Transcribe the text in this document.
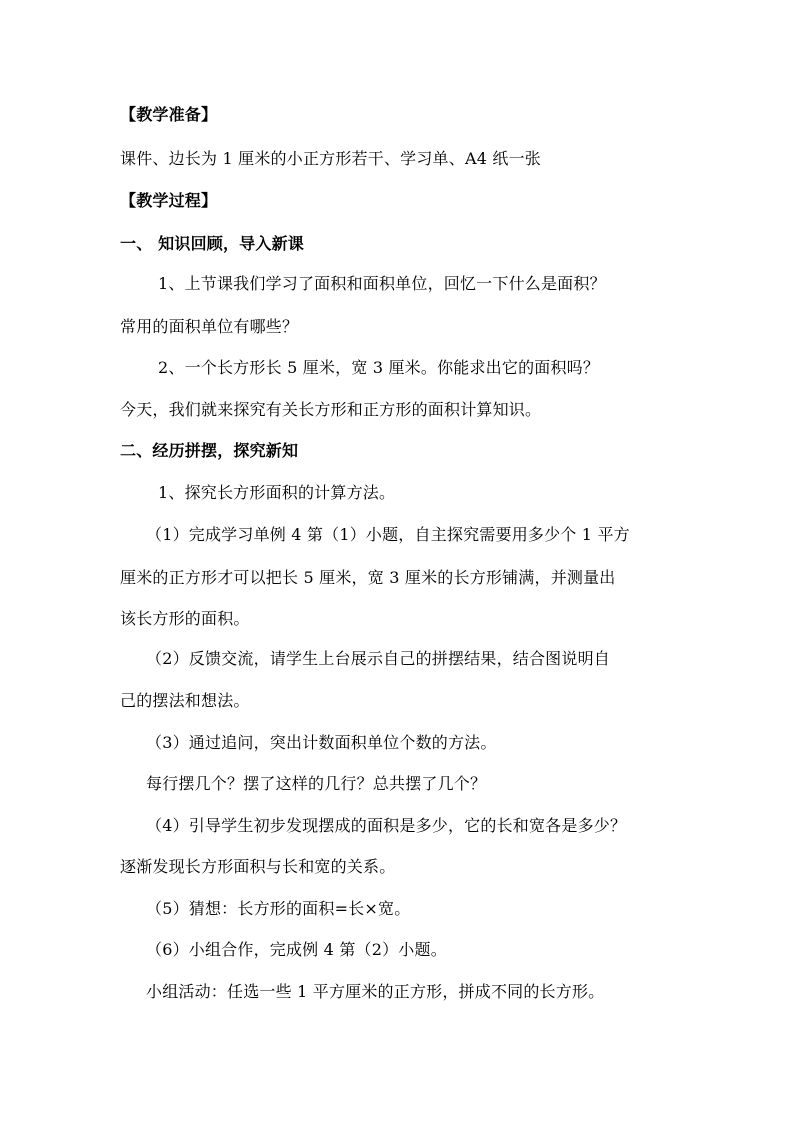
【教学准备】
课件、边长为 1 厘米的小正方形若干、学习单、A4 纸一张
【教学过程】
一、 知识回顾，导入新课
1、上节课我们学习了面积和面积单位，回忆一下什么是面积？
常用的面积单位有哪些？
2、一个长方形长 5 厘米，宽 3 厘米。你能求出它的面积吗？
今天，我们就来探究有关长方形和正方形的面积计算知识。
二、经历拼摆，探究新知
1、探究长方形面积的计算方法。
（1）完成学习单例 4 第（1）小题，自主探究需要用多少个 1 平方
厘米的正方形才可以把长 5 厘米，宽 3 厘米的长方形铺满，并测量出
该长方形的面积。
（2）反馈交流，请学生上台展示自己的拼摆结果，结合图说明自
己的摆法和想法。
（3）通过追问，突出计数面积单位个数的方法。
每行摆几个？摆了这样的几行？总共摆了几个？
（4）引导学生初步发现摆成的面积是多少，它的长和宽各是多少？
逐渐发现长方形面积与长和宽的关系。
（5）猜想：长方形的面积=长×宽。
（6）小组合作，完成例 4 第（2）小题。
小组活动：任选一些 1 平方厘米的正方形，拼成不同的长方形。
